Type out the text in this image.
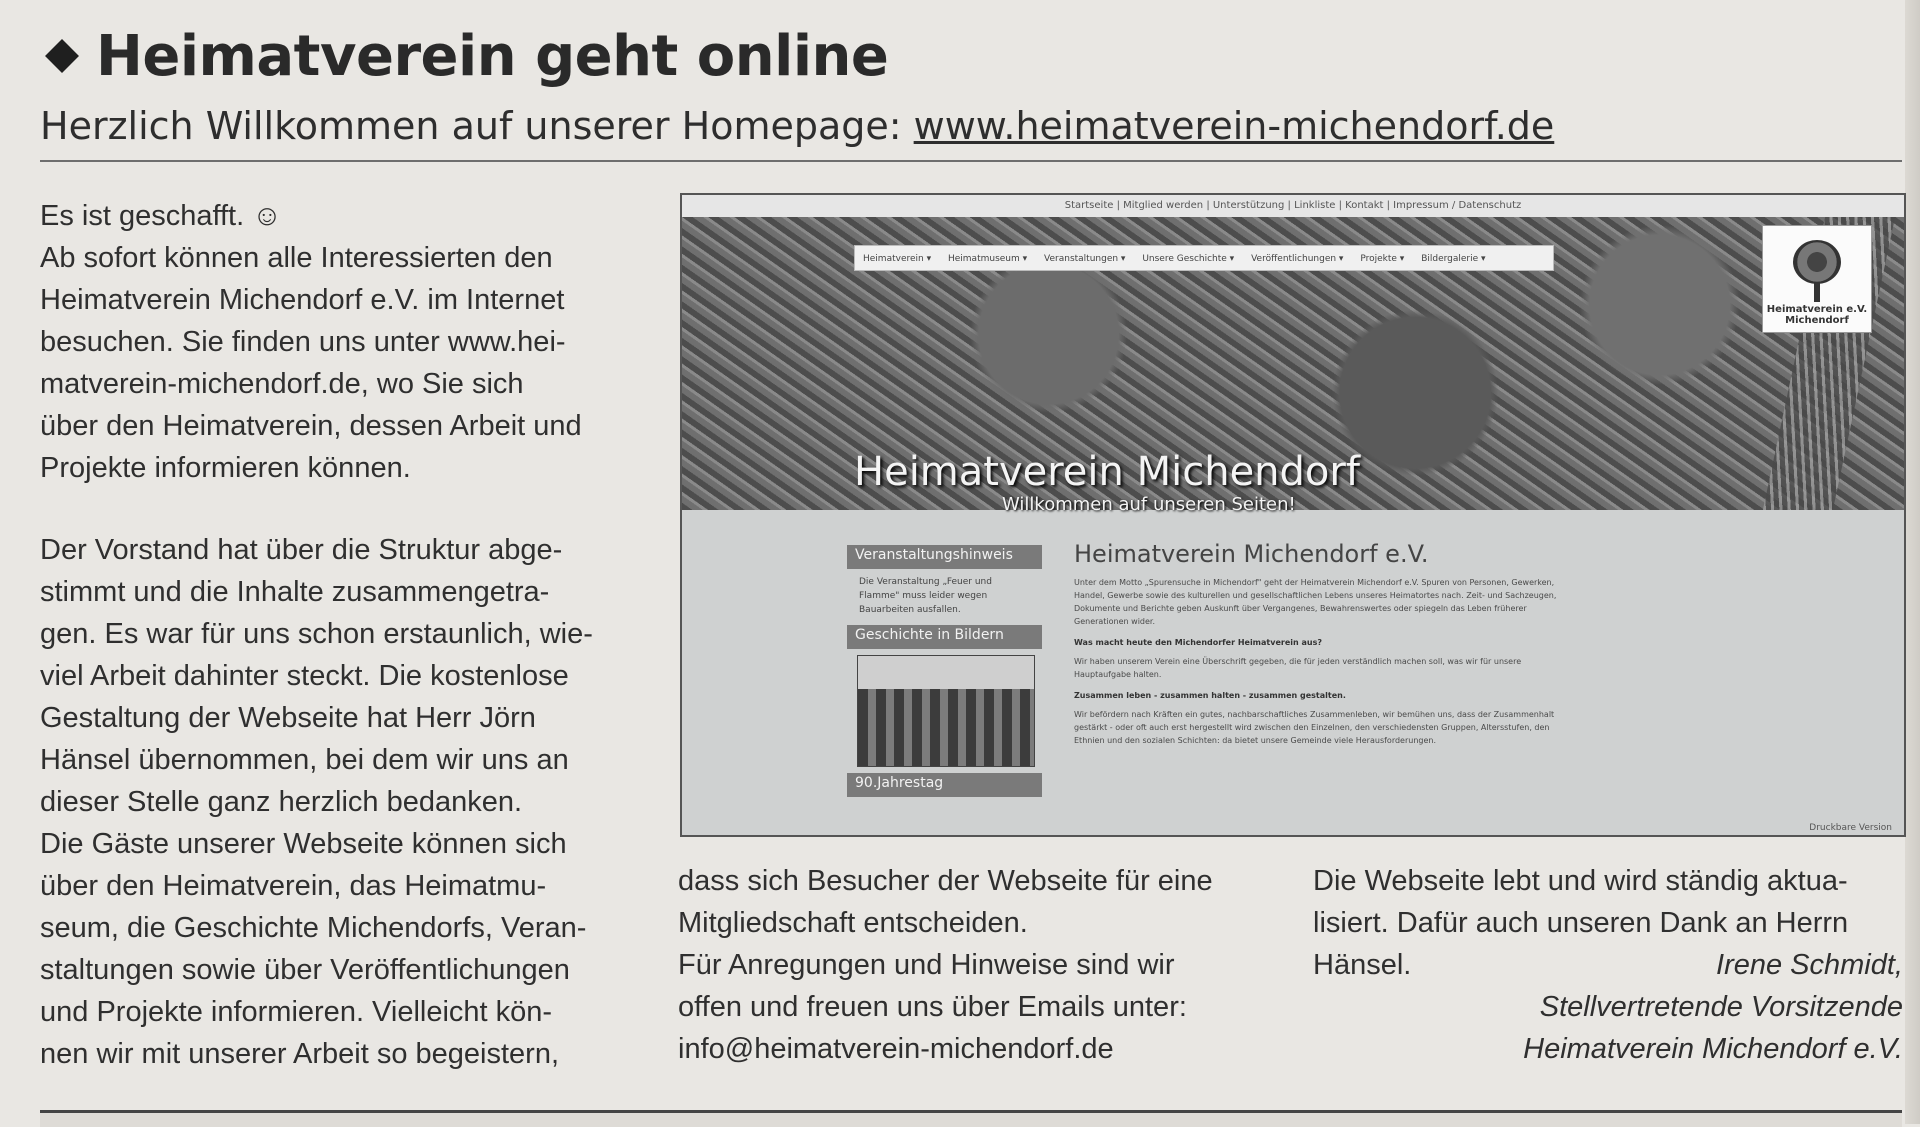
Heimatverein geht online
Herzlich Willkommen auf unserer Homepage: www.heimatverein-michendorf.de
Es ist geschafft. ☺
Ab sofort können alle Interessierten den
Heimatverein Michendorf e.V. im Internet
besuchen. Sie finden uns unter www.hei-
matverein-michendorf.de, wo Sie sich
über den Heimatverein, dessen Arbeit und
Projekte informieren können.
Der Vorstand hat über die Struktur abge-
stimmt und die Inhalte zusammengetra-
gen. Es war für uns schon erstaunlich, wie-
viel Arbeit dahinter steckt. Die kostenlose
Gestaltung der Webseite hat Herr Jörn
Hänsel übernommen, bei dem wir uns an
dieser Stelle ganz herzlich bedanken.
Die Gäste unserer Webseite können sich
über den Heimatverein, das Heimatmu-
seum, die Geschichte Michendorfs, Veran-
staltungen sowie über Veröffentlichungen
und Projekte informieren. Vielleicht kön-
nen wir mit unserer Arbeit so begeistern,
Startseite | Mitglied werden | Unterstützung | Linkliste | Kontakt | Impressum / Datenschutz
Heimatverein ▾ Heimatmuseum ▾ Veranstaltungen ▾ Unsere Geschichte ▾ Veröffentlichungen ▾ Projekte ▾ Bildergalerie ▾
Heimatverein e.V. Michendorf
Heimatverein Michendorf
Willkommen auf unseren Seiten!
Veranstaltungshinweis
Die Veranstaltung „Feuer und Flamme" muss leider wegen Bauarbeiten ausfallen.
Geschichte in Bildern
90.Jahrestag
Heimatverein Michendorf e.V.
Unter dem Motto „Spurensuche in Michendorf" geht der Heimatverein Michendorf e.V. Spuren von Personen, Gewerken, Handel, Gewerbe sowie des kulturellen und gesellschaftlichen Lebens unseres Heimatortes nach. Zeit- und Sachzeugen, Dokumente und Berichte geben Auskunft über Vergangenes, Bewahrenswertes oder spiegeln das Leben früherer Generationen wider.
Was macht heute den Michendorfer Heimatverein aus?
Wir haben unserem Verein eine Überschrift gegeben, die für jeden verständlich machen soll, was wir für unsere Hauptaufgabe halten.
Zusammen leben - zusammen halten - zusammen gestalten.
Wir befördern nach Kräften ein gutes, nachbarschaftliches Zusammenleben, wir bemühen uns, dass der Zusammenhalt gestärkt - oder oft auch erst hergestellt wird zwischen den Einzelnen, den verschiedensten Gruppen, Altersstufen, den Ethnien und den sozialen Schichten: da bietet unsere Gemeinde viele Herausforderungen.
Druckbare Version
dass sich Besucher der Webseite für eine
Mitgliedschaft entscheiden.
Für Anregungen und Hinweise sind wir
offen und freuen uns über Emails unter:
info@heimatverein-michendorf.de
Die Webseite lebt und wird ständig aktua-
lisiert. Dafür auch unseren Dank an Herrn
Hänsel.	Irene Schmidt,
Stellvertretende Vorsitzende
Heimatverein Michendorf e.V.
